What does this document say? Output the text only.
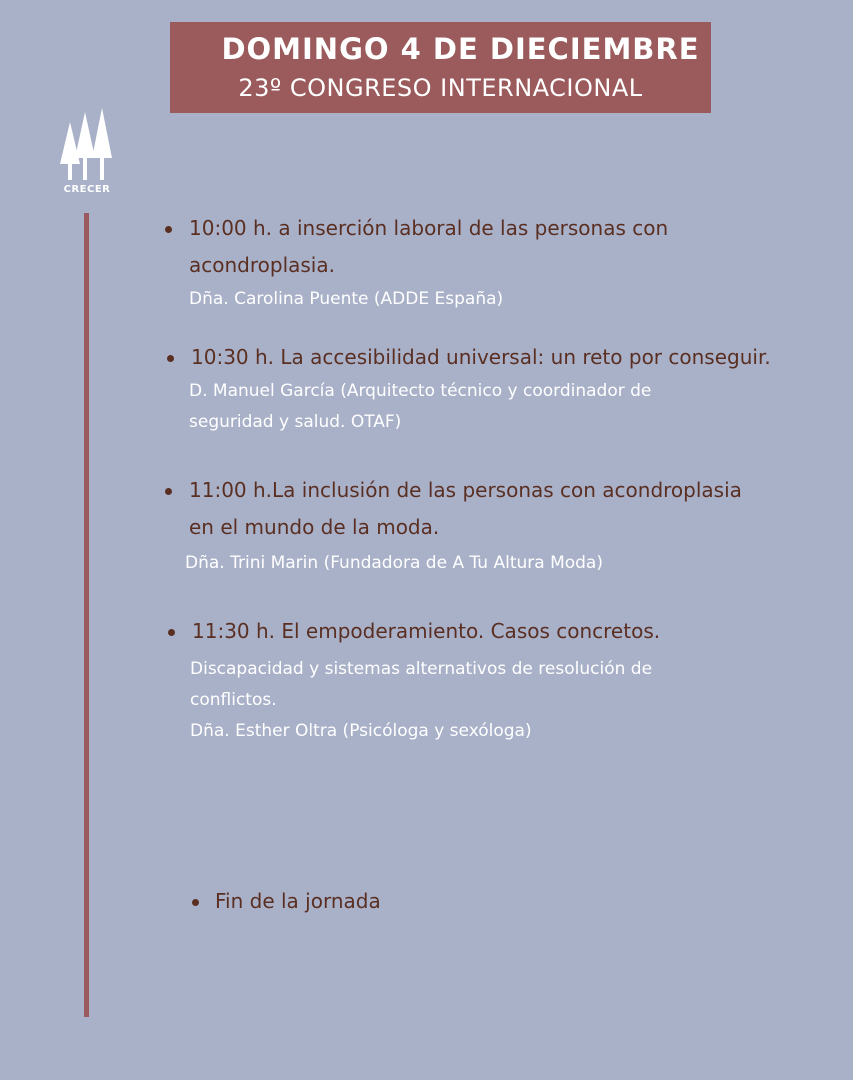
DOMINGO 4 DE DIECIEMBRE
23º CONGRESO INTERNACIONAL
CRECER
10:00 h. a inserción laboral de las personas con
acondroplasia.
Dña. Carolina Puente (ADDE España)
10:30 h. La accesibilidad universal: un reto por conseguir.
D. Manuel García (Arquitecto técnico y coordinador de
seguridad y salud. OTAF)
11:00 h.La inclusión de las personas con acondroplasia
en el mundo de la moda.
Dña. Trini Marin (Fundadora de A Tu Altura Moda)
11:30 h. El empoderamiento. Casos concretos.
Discapacidad y sistemas alternativos de resolución de
conflictos.
Dña. Esther Oltra (Psicóloga y sexóloga)
Fin de la jornada
